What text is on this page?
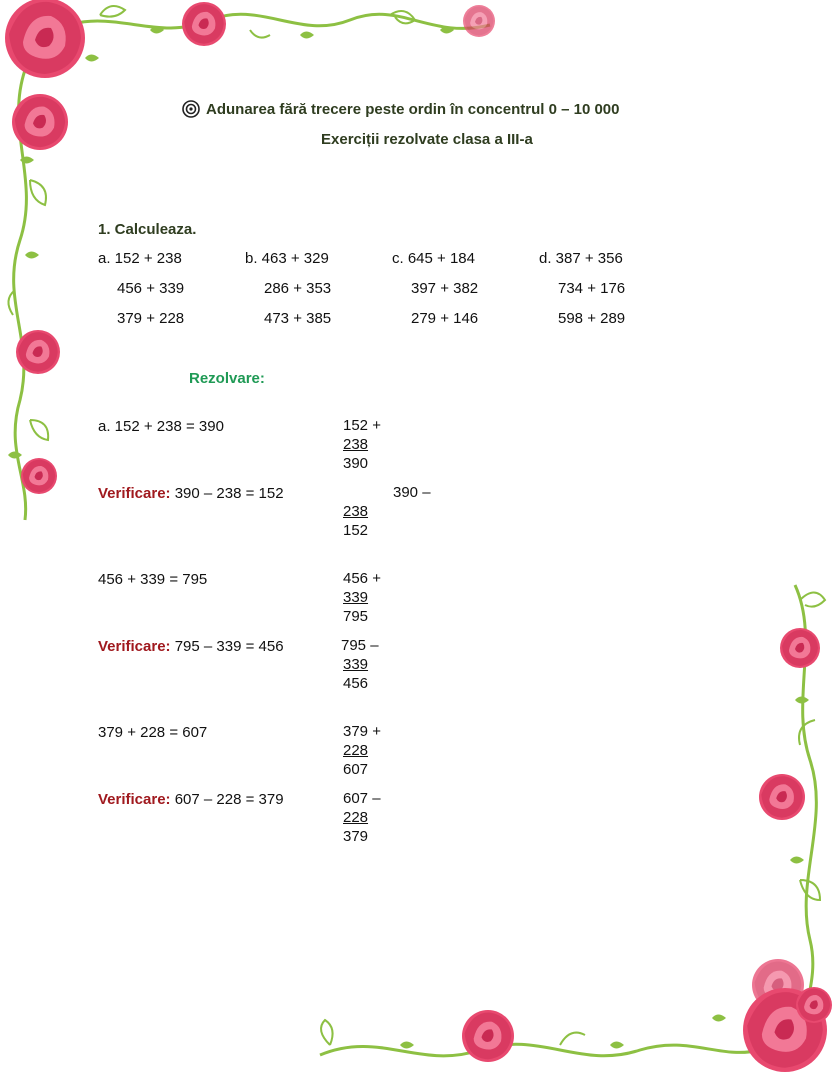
Adunarea fără trecere peste ordin în concentrul 0 – 10 000
Exerciții rezolvate clasa a III-a
1. Calculeaza.
a. 152 + 238	b. 463 + 329	c. 645 + 184	d. 387 + 356
456 + 339	286 + 353	397 + 382	734 + 176
379 + 228	473 + 385	279 + 146	598 + 289
Rezolvare:
a. 152 + 238 = 390	152 +
238
390
Verificare: 390 – 238 = 152	390 –
238
152
456 + 339 = 795	456 +
339
795
Verificare: 795 – 339 = 456	795 –
339
456
379 + 228 = 607	379 +
228
607
Verificare: 607 – 228 = 379	607 –
228
379
